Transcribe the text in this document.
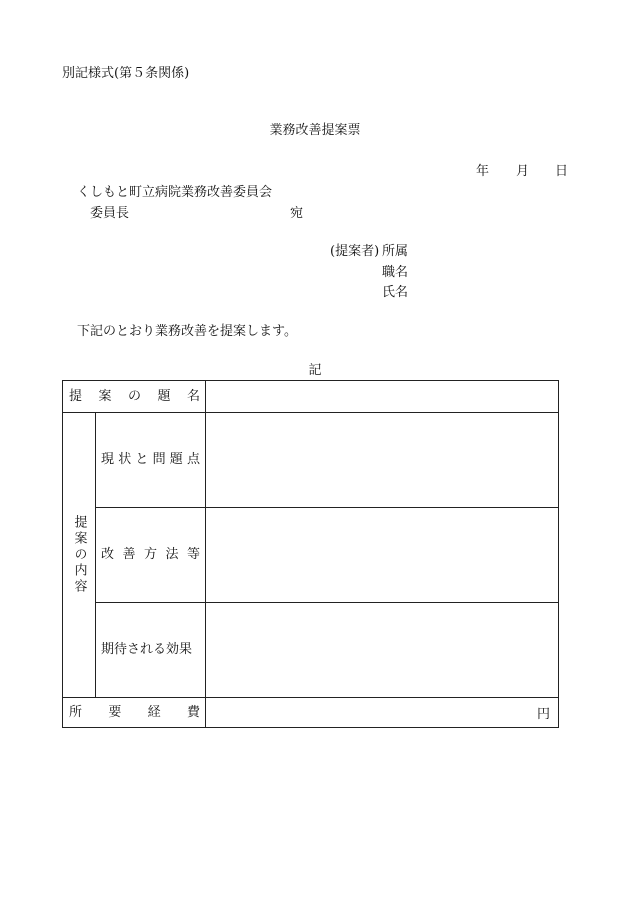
別記様式(第５条関係)
業務改善提案票
年 月 日
くしもと町立病院業務改善委員会
委員長	宛
(提案者) 所属
職名
氏名
下記のとおり業務改善を提案します。
記
提 案 の 題 名
提案の内容
現 状 と 問 題 点
改 善 方 法 等
期待される効果
所 要 経 費	円
